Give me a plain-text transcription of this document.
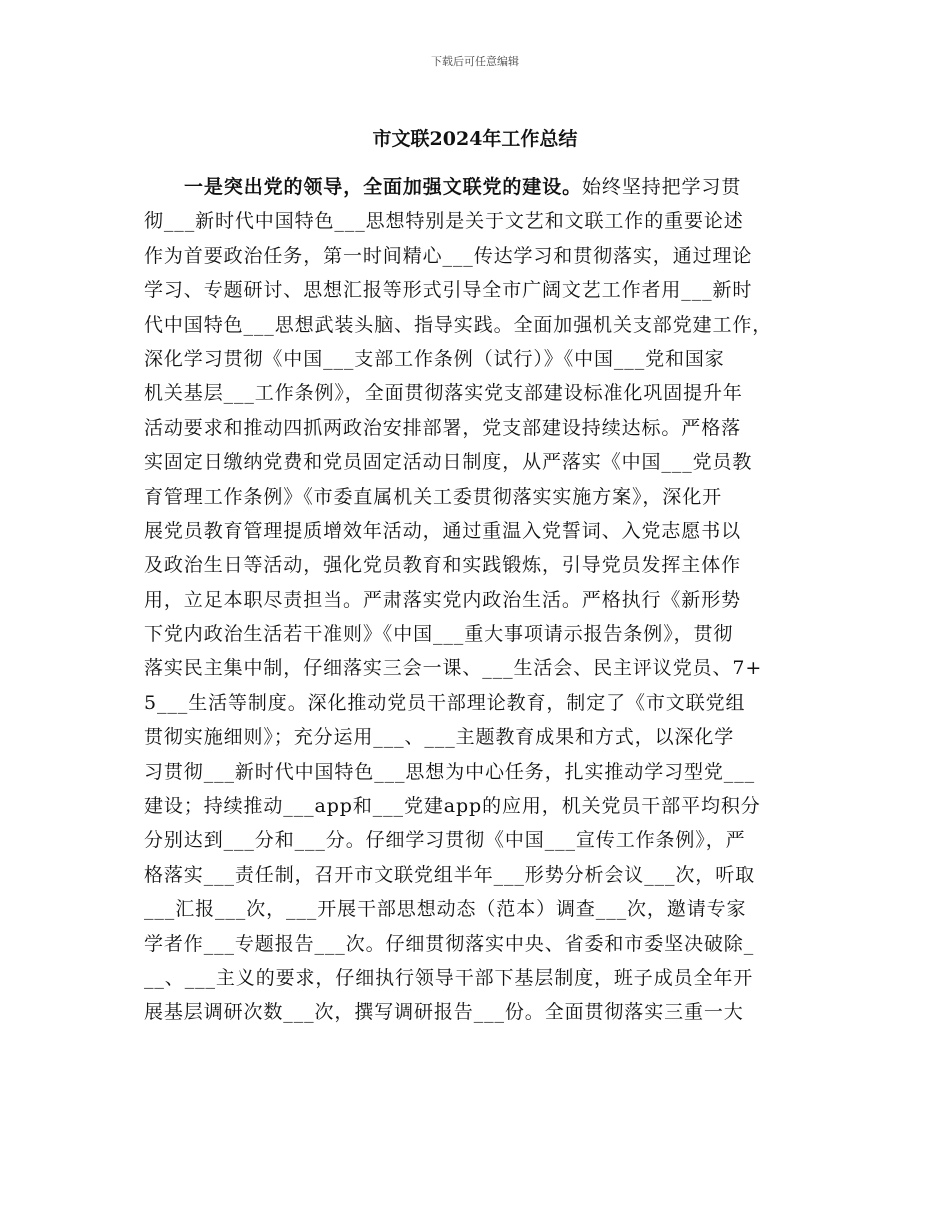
下载后可任意编辑
市文联2024年工作总结
一是突出党的领导，全面加强文联党的建设。始终坚持把学习贯
彻___新时代中国特色___思想特别是关于文艺和文联工作的重要论述
作为首要政治任务，第一时间精心___传达学习和贯彻落实，通过理论
学习、专题研讨、思想汇报等形式引导全市广阔文艺工作者用___新时
代中国特色___思想武装头脑、指导实践。全面加强机关支部党建工作，
深化学习贯彻《中国___支部工作条例（试行）》《中国___党和国家
机关基层___工作条例》，全面贯彻落实党支部建设标准化巩固提升年
活动要求和推动四抓两政治安排部署，党支部建设持续达标。严格落
实固定日缴纳党费和党员固定活动日制度，从严落实《中国___党员教
育管理工作条例》《市委直属机关工委贯彻落实实施方案》，深化开
展党员教育管理提质增效年活动，通过重温入党誓词、入党志愿书以
及政治生日等活动，强化党员教育和实践锻炼，引导党员发挥主体作
用，立足本职尽责担当。严肃落实党内政治生活。严格执行《新形势
下党内政治生活若干准则》《中国___重大事项请示报告条例》，贯彻
落实民主集中制，仔细落实三会一课、___生活会、民主评议党员、7+
5___生活等制度。深化推动党员干部理论教育，制定了《市文联党组
贯彻实施细则》；充分运用___、___主题教育成果和方式，以深化学
习贯彻___新时代中国特色___思想为中心任务，扎实推动学习型党___
建设；持续推动___app和___党建app的应用，机关党员干部平均积分
分别达到___分和___分。仔细学习贯彻《中国___宣传工作条例》，严
格落实___责任制，召开市文联党组半年___形势分析会议___次，听取
___汇报___次，___开展干部思想动态（范本）调查___次，邀请专家
学者作___专题报告___次。仔细贯彻落实中央、省委和市委坚决破除_
__、___主义的要求，仔细执行领导干部下基层制度，班子成员全年开
展基层调研次数___次，撰写调研报告___份。全面贯彻落实三重一大
